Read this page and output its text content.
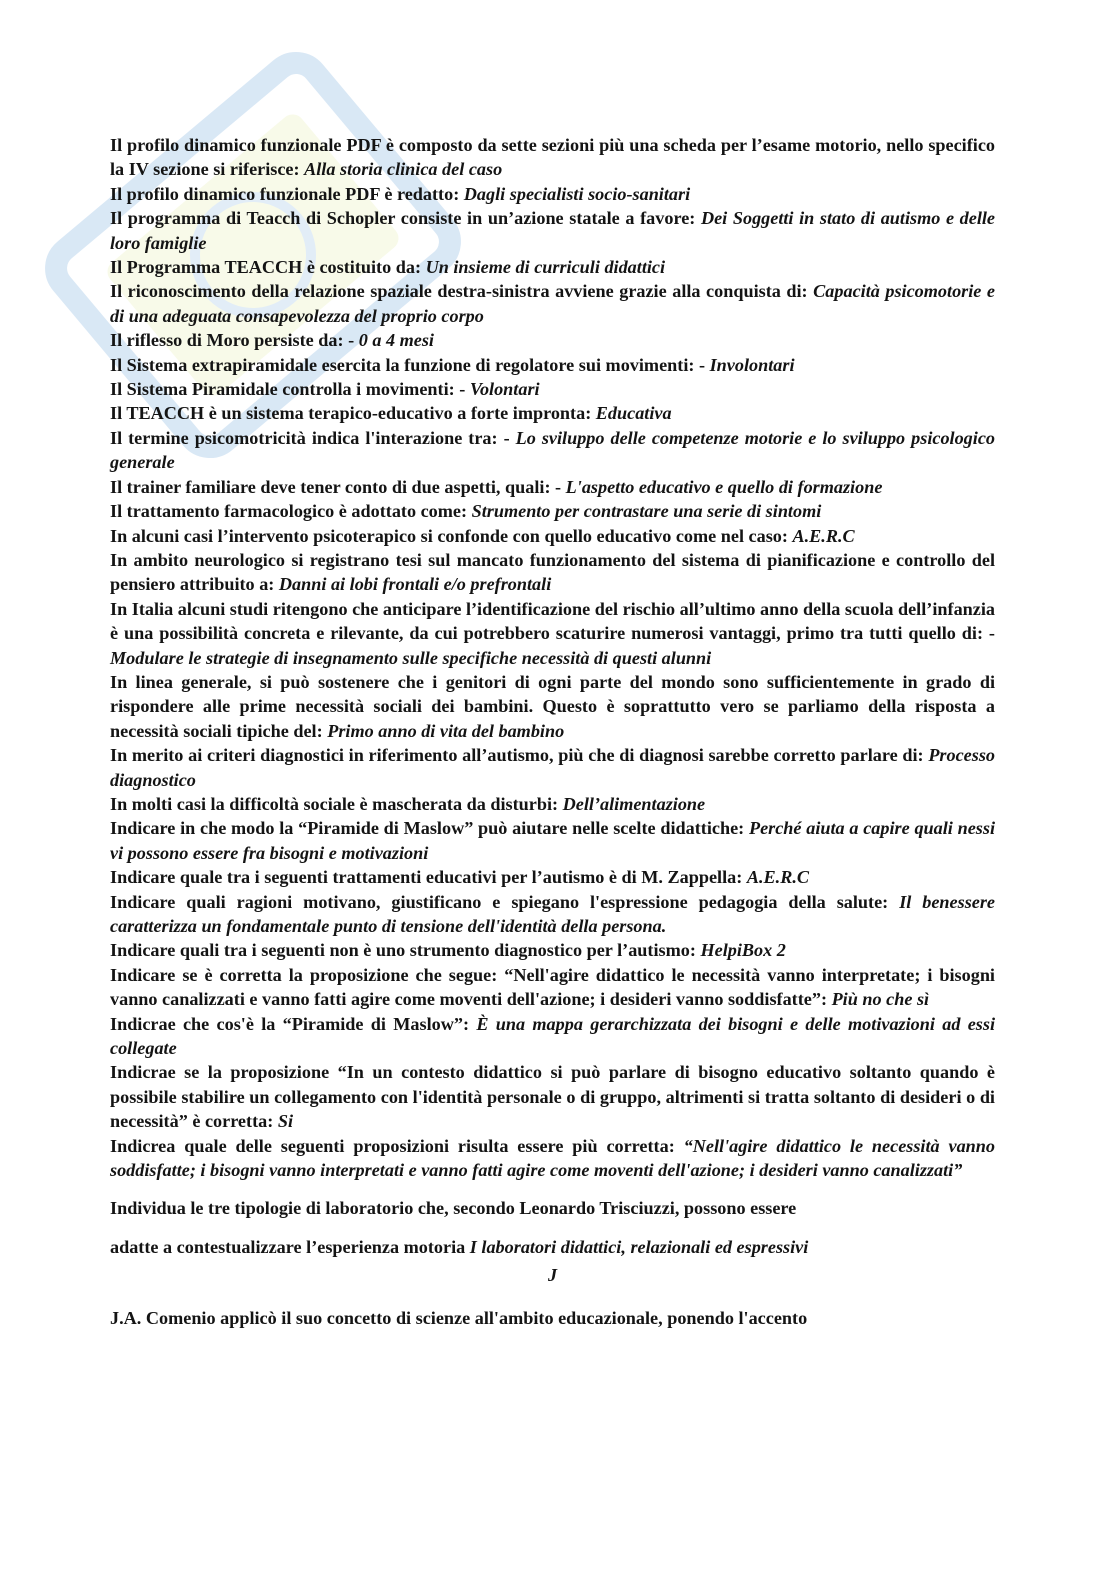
Il profilo dinamico funzionale PDF è composto da sette sezioni più una scheda per l’esame motorio, nello specifico la IV sezione si riferisce: Alla storia clinica del caso

Il profilo dinamico funzionale PDF è redatto: Dagli specialisti socio-sanitari

Il programma di Teacch di Schopler consiste in un’azione statale a favore: Dei Soggetti in stato di autismo e delle loro famiglie

Il Programma TEACCH è costituito da: Un insieme di curriculi didattici

Il riconoscimento della relazione spaziale destra-sinistra avviene grazie alla conquista di: Capacità psicomotorie e di una adeguata consapevolezza del proprio corpo

Il riflesso di Moro persiste da: - 0 a 4 mesi

Il Sistema extrapiramidale esercita la funzione di regolatore sui movimenti: - Involontari

Il Sistema Piramidale controlla i movimenti: - Volontari

Il TEACCH è un sistema terapico-educativo a forte impronta: Educativa

Il termine psicomotricità indica l'interazione tra: - Lo sviluppo delle competenze motorie e lo sviluppo psicologico generale

Il trainer familiare deve tener conto di due aspetti, quali: - L'aspetto educativo e quello di formazione

Il trattamento farmacologico è adottato come: Strumento per contrastare una serie di sintomi

In alcuni casi l’intervento psicoterapico si confonde con quello educativo come nel caso: A.E.R.C

In ambito neurologico si registrano tesi sul mancato funzionamento del sistema di pianificazione e controllo del pensiero attribuito a: Danni ai lobi frontali e/o prefrontali

In Italia alcuni studi ritengono che anticipare l’identificazione del rischio all’ultimo anno della scuola dell’infanzia è una possibilità concreta e rilevante, da cui potrebbero scaturire numerosi vantaggi, primo tra tutti quello di: - Modulare le strategie di insegnamento sulle specifiche necessità di questi alunni

In linea generale, si può sostenere che i genitori di ogni parte del mondo sono sufficientemente in grado di rispondere alle prime necessità sociali dei bambini. Questo è soprattutto vero se parliamo della risposta a necessità sociali tipiche del: Primo anno di vita del bambino

In merito ai criteri diagnostici in riferimento all’autismo, più che di diagnosi sarebbe corretto parlare di: Processo diagnostico

In molti casi la difficoltà sociale è mascherata da disturbi: Dell’alimentazione

Indicare in che modo la “Piramide di Maslow” può aiutare nelle scelte didattiche: Perché aiuta a capire quali nessi vi possono essere fra bisogni e motivazioni

Indicare quale tra i seguenti trattamenti educativi per l’autismo è di M. Zappella: A.E.R.C

Indicare quali ragioni motivano, giustificano e spiegano l'espressione pedagogia della salute: Il benessere caratterizza un fondamentale punto di tensione dell'identità della persona.

Indicare quali tra i seguenti non è uno strumento diagnostico per l’autismo: HelpiBox 2

Indicare se è corretta la proposizione che segue: “Nell'agire didattico le necessità vanno interpretate; i bisogni vanno canalizzati e vanno fatti agire come moventi dell'azione; i desideri vanno soddisfatte”: Più no che sì

Indicrae che cos'è la “Piramide di Maslow”: È una mappa gerarchizzata dei bisogni e delle motivazioni ad essi collegate

Indicrae se la proposizione “In un contesto didattico si può parlare di bisogno educativo soltanto quando è possibile stabilire un collegamento con l'identità personale o di gruppo, altrimenti si tratta soltanto di desideri o di necessità” è corretta: Si

Indicrea quale delle seguenti proposizioni risulta essere più corretta: “Nell'agire didattico le necessità vanno soddisfatte; i bisogni vanno interpretati e vanno fatti agire come moventi dell'azione; i desideri vanno canalizzati”

Individua le tre tipologie di laboratorio che, secondo Leonardo Trisciuzzi, possono essere

adatte a contestualizzare l’esperienza motoria I laboratori didattici, relazionali ed espressivi

J

J.A. Comenio applicò il suo concetto di scienze all'ambito educazionale, ponendo l'accento
